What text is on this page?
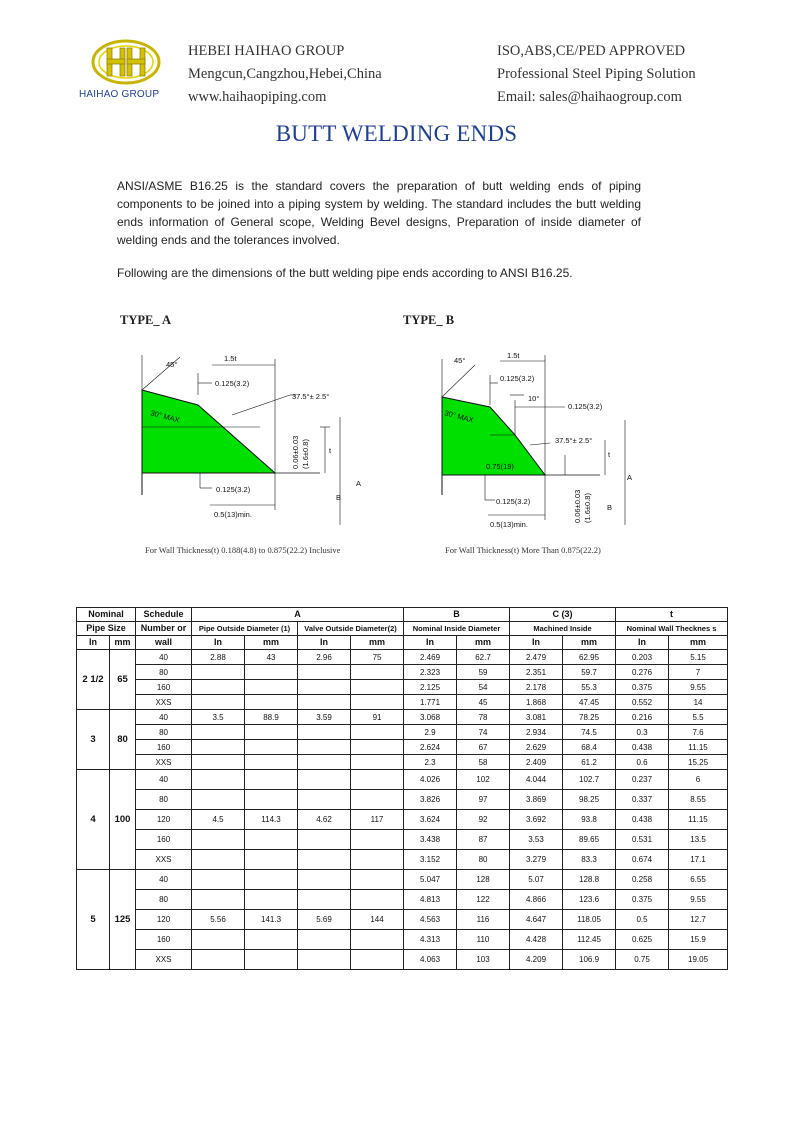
HAIHAO GROUP
HEBEI HAIHAO GROUP
Mengcun,Cangzhou,Hebei,China
www.haihaopiping.com
ISO,ABS,CE/PED APPROVED
Professional Steel Piping Solution
Email: sales@haihaogroup.com
BUTT WELDING ENDS
ANSI/ASME B16.25 is the standard covers the preparation of butt welding ends of piping components to be joined into a piping system by welding. The standard includes the butt welding ends information of General scope, Welding Bevel designs, Preparation of inside diameter of welding ends and the tolerances involved.
Following are the dimensions of the butt welding pipe ends according to ANSI B16.25.
TYPE_ A	TYPE_ B
45°
1.5t
0.125(3.2)
37.5°± 2.5°
30° MAX
0.06±0.03 (1.6±0.8)	t
A
B
0.125(3.2)
0.5(13)min.
45°
1.5t
0.125(3.2)
10°
0.125(3.2)
30° MAX
37.5°± 2.5°
0.75(19)
t
A
B
0.125(3.2)
0.5(13)min.
0.06±0.03 (1.6±0.8)
For Wall Thickness(t) 0.188(4.8) to 0.875(22.2) Inclusive	For Wall Thickness(t) More Than 0.875(22.2)
Nominal		Schedule	A				B		C (3)		t	
Pipe Size		Number or	Pipe Outside Diameter (1)		Valve Outside Diameter(2)		Nominal Inside Diameter		Machined Inside		Nominal Wall Thecknes s	
In	mm	wall	In	mm	In	mm	In	mm	In	mm	In	mm
2 1/2	65	40	2.88	43	2.96	75	2.469	62.7	2.479	62.95	0.203	5.15
		80					2.323	59	2.351	59.7	0.276	7
		160					2.125	54	2.178	55.3	0.375	9.55
		XXS					1.771	45	1.868	47.45	0.552	14
3	80	40	3.5	88.9	3.59	91	3.068	78	3.081	78.25	0.216	5.5
		80					2.9	74	2.934	74.5	0.3	7.6
		160					2.624	67	2.629	68.4	0.438	11.15
		XXS					2.3	58	2.409	61.2	0.6	15.25
4	100	40					4.026	102	4.044	102.7	0.237	6
		80					3.826	97	3.869	98.25	0.337	8.55
		120	4.5	114.3	4.62	117	3.624	92	3.692	93.8	0.438	11.15
		160					3.438	87	3.53	89.65	0.531	13.5
		XXS					3.152	80	3.279	83.3	0.674	17.1
5	125	40					5.047	128	5.07	128.8	0.258	6.55
		80					4.813	122	4.866	123.6	0.375	9.55
		120	5.56	141.3	5.69	144	4.563	116	4.647	118.05	0.5	12.7
		160					4.313	110	4.428	112.45	0.625	15.9
		XXS					4.063	103	4.209	106.9	0.75	19.05
